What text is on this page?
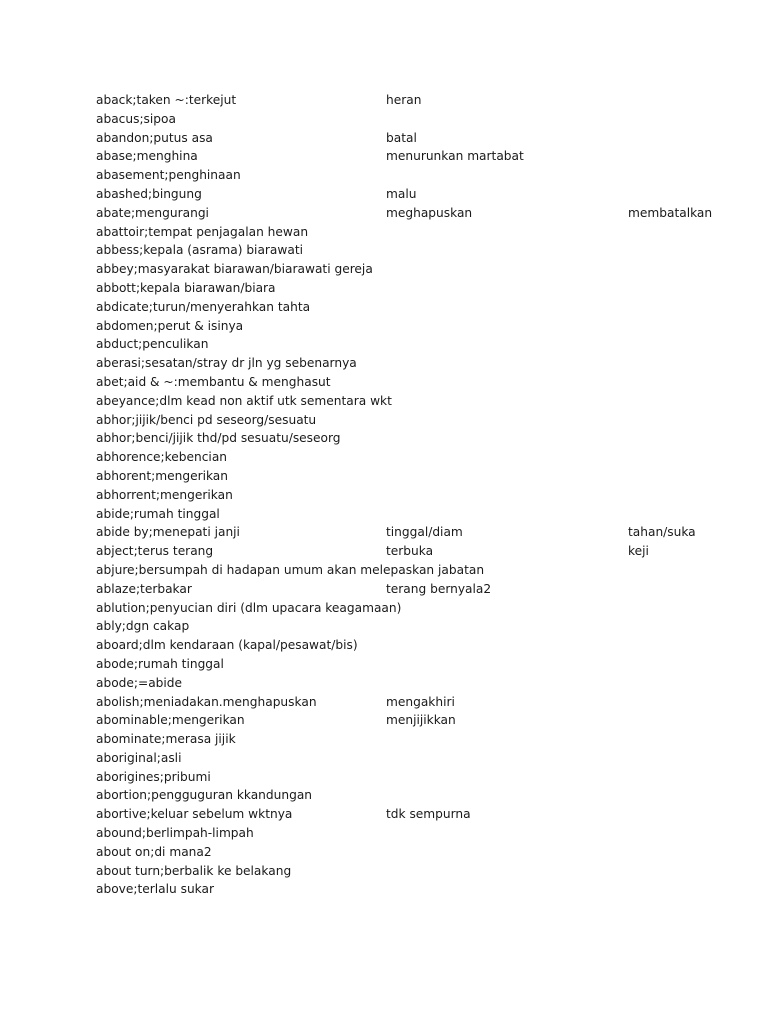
aback;taken ~:terkejut	heran
abacus;sipoa
abandon;putus asa	batal
abase;menghina	menurunkan martabat
abasement;penghinaan
abashed;bingung	malu
abate;mengurangi	meghapuskan	membatalkan
abattoir;tempat penjagalan hewan
abbess;kepala (asrama) biarawati
abbey;masyarakat biarawan/biarawati gereja
abbott;kepala biarawan/biara
abdicate;turun/menyerahkan tahta
abdomen;perut & isinya
abduct;penculikan
aberasi;sesatan/stray dr jln yg sebenarnya
abet;aid & ~:membantu & menghasut
abeyance;dlm kead non aktif utk sementara wkt
abhor;jijik/benci pd seseorg/sesuatu
abhor;benci/jijik thd/pd sesuatu/seseorg
abhorence;kebencian
abhorent;mengerikan
abhorrent;mengerikan
abide;rumah tinggal
abide by;menepati janji	tinggal/diam	tahan/suka
abject;terus terang	terbuka	keji
abjure;bersumpah di hadapan umum akan melepaskan jabatan
ablaze;terbakar	terang bernyala2
ablution;penyucian diri (dlm upacara keagamaan)
ably;dgn cakap
aboard;dlm kendaraan (kapal/pesawat/bis)
abode;rumah tinggal
abode;=abide
abolish;meniadakan.menghapuskan	mengakhiri
abominable;mengerikan	menjijikkan
abominate;merasa jijik
aboriginal;asli
aborigines;pribumi
abortion;pengguguran kkandungan
abortive;keluar sebelum wktnya	tdk sempurna
abound;berlimpah-limpah
about on;di mana2
about turn;berbalik ke belakang
above;terlalu sukar
